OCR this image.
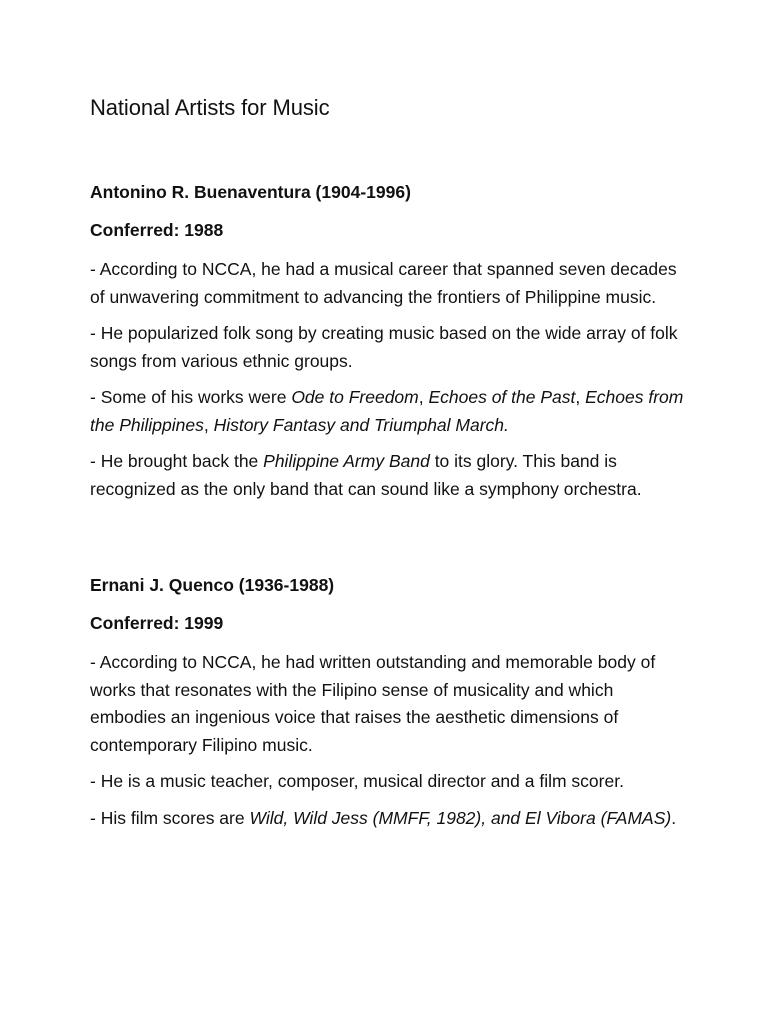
National Artists for Music

Antonino R. Buenaventura (1904-1996)

Conferred: 1988

- According to NCCA, he had a musical career that spanned seven decades of unwavering commitment to advancing the frontiers of Philippine music.

- He popularized folk song by creating music based on the wide array of folk songs from various ethnic groups.

- Some of his works were Ode to Freedom, Echoes of the Past, Echoes from the Philippines, History Fantasy and Triumphal March.

- He brought back the Philippine Army Band to its glory. This band is recognized as the only band that can sound like a symphony orchestra.

Ernani J. Quenco (1936-1988)

Conferred: 1999

- According to NCCA, he had written outstanding and memorable body of works that resonates with the Filipino sense of musicality and which embodies an ingenious voice that raises the aesthetic dimensions of contemporary Filipino music.

- He is a music teacher, composer, musical director and a film scorer.

- His film scores are Wild, Wild Jess (MMFF, 1982), and El Vibora (FAMAS).
